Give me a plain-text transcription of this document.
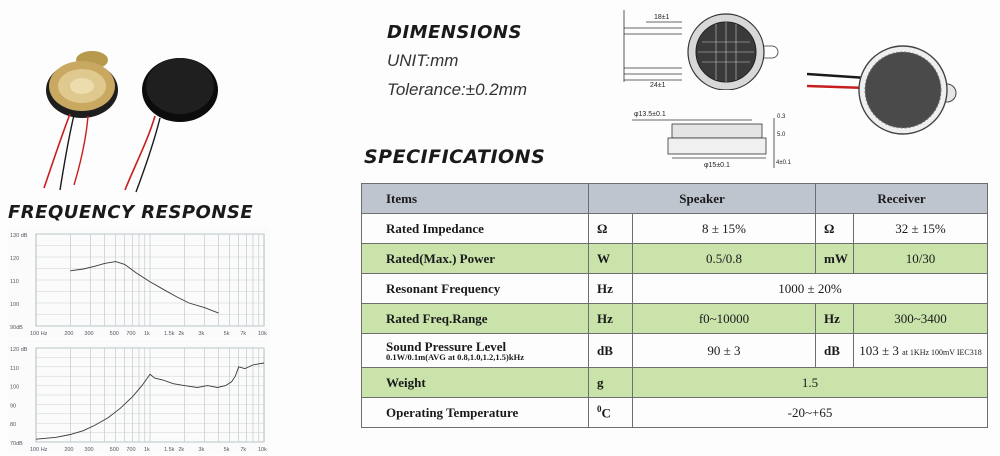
FREQUENCY RESPONSE
DIMENSIONS
UNIT:mm
Tolerance:±0.2mm
SPECIFICATIONS
18±1
24±1
φ13.5±0.1
φ15±0.1
0.3
5.0
4±0.1
130 dB
120
110
100
90dB
100 Hz	200 300	500 700 1k	1.5k 2k	3k	5k 7k 10k
120 dB
110
100
90
80
70dB
100 Hz	200 300	500 700 1k	1.5k 2k	3k	5k 7k 10k
Items	Speaker		Receiver	
Rated Impedance	Ω	8 ± 15%	Ω	32 ± 15%
Rated(Max.) Power	W	0.5/0.8	mW	10/30
Resonant Frequency	Hz	1000 ± 20%		
Rated Freq.Range	Hz	f0~10000	Hz	300~3400

Sound Pressure Level
0.1W/0.1m(AVG at 0.8,1.0,1.2,1.5)kHz	dB	90 ± 3	dB	103 ± 3 at 1KHz 100mV IEC318
Weight	g	1.5		
Operating Temperature	$^0$C	-20~+65		
